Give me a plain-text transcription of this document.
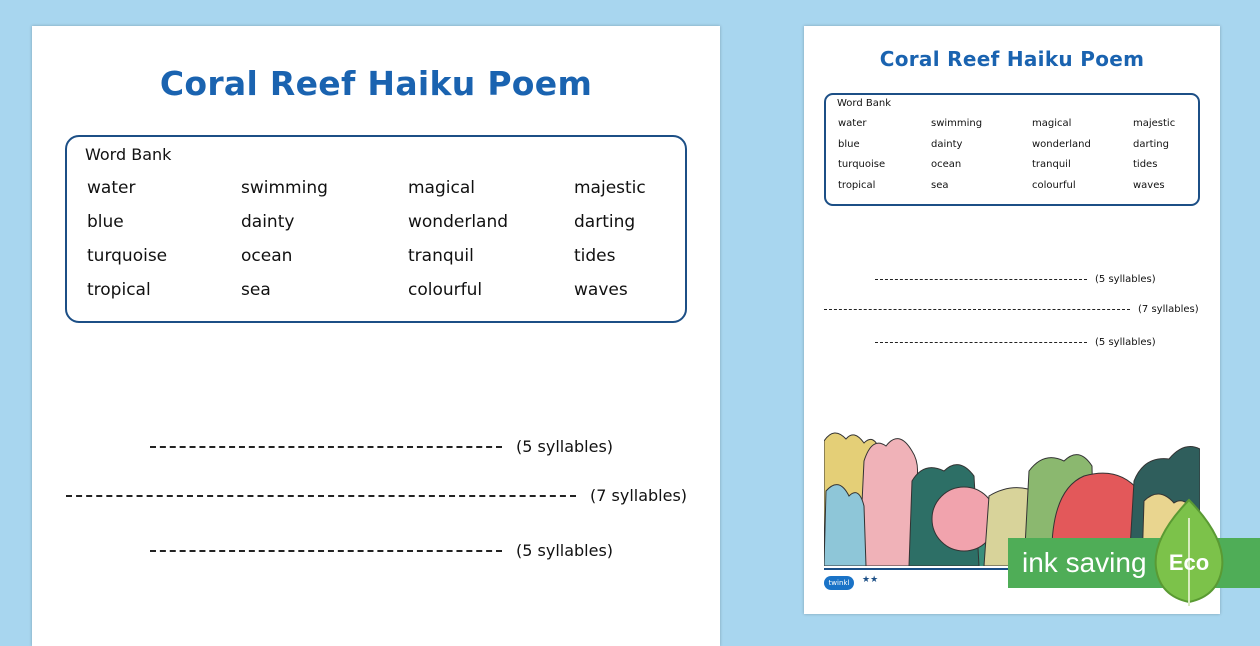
Coral Reef Haiku Poem
Word Bank
water	swimming	magical	majestic
blue	dainty	wonderland	darting
turquoise	ocean	tranquil	tides
tropical	sea	colourful	waves
(5 syllables)
(7 syllables)
(5 syllables)
Coral Reef Haiku Poem
Word Bank
water	swimming	magical	majestic
blue	dainty	wonderland	darting
turquoise	ocean	tranquil	tides
tropical	sea	colourful	waves
(5 syllables)
(7 syllables)
(5 syllables)
twinkl	★★
ink saving Eco
